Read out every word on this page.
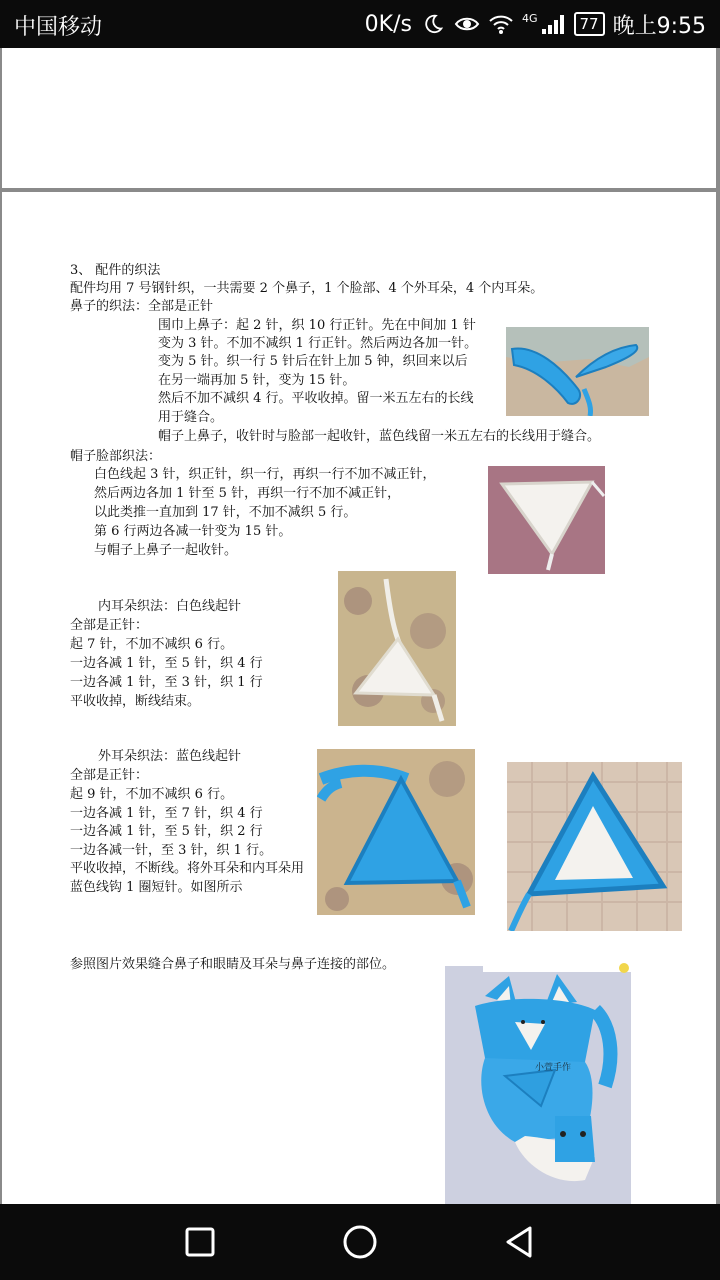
中国移动	0K/s	4G	77 晚上9:55
3、 配件的织法
配件均用 7 号钢针织，一共需要 2 个鼻子，1 个脸部、4 个外耳朵，4 个内耳朵。
鼻子的织法：全部是正针
围巾上鼻子：起 2 针，织 10 行正针。先在中间加 1 针
变为 3 针。不加不减织 1 行正针。然后两边各加一针。
变为 5 针。织一行 5 针后在针上加 5 钟，织回来以后
在另一端再加 5 针，变为 15 针。
然后不加不减织 4 行。平收收掉。留一米五左右的长线
用于缝合。
帽子上鼻子，收针时与脸部一起收针，蓝色线留一米五左右的长线用于缝合。
帽子脸部织法：
白色线起 3 针，织正针，织一行，再织一行不加不减正针，
然后两边各加 1 针至 5 针，再织一行不加不减正针，
以此类推一直加到 17 针，不加不减织 5 行。
第 6 行两边各减一针变为 15 针。
与帽子上鼻子一起收针。
内耳朵织法：白色线起针
全部是正针：
起 7 针，不加不减织 6 行。
一边各减 1 针，至 5 针，织 4 行
一边各减 1 针，至 3 针，织 1 行
平收收掉，断线结束。
外耳朵织法：蓝色线起针
全部是正针：
起 9 针，不加不减织 6 行。
一边各减 1 针，至 7 针，织 4 行
一边各减 1 针，至 5 针，织 2 行
一边各减一针，至 3 针，织 1 行。
平收收掉，不断线。将外耳朵和内耳朵用
蓝色线钩 1 圈短针。如图所示
参照图片效果缝合鼻子和眼睛及耳朵与鼻子连接的部位。
小萱手作
